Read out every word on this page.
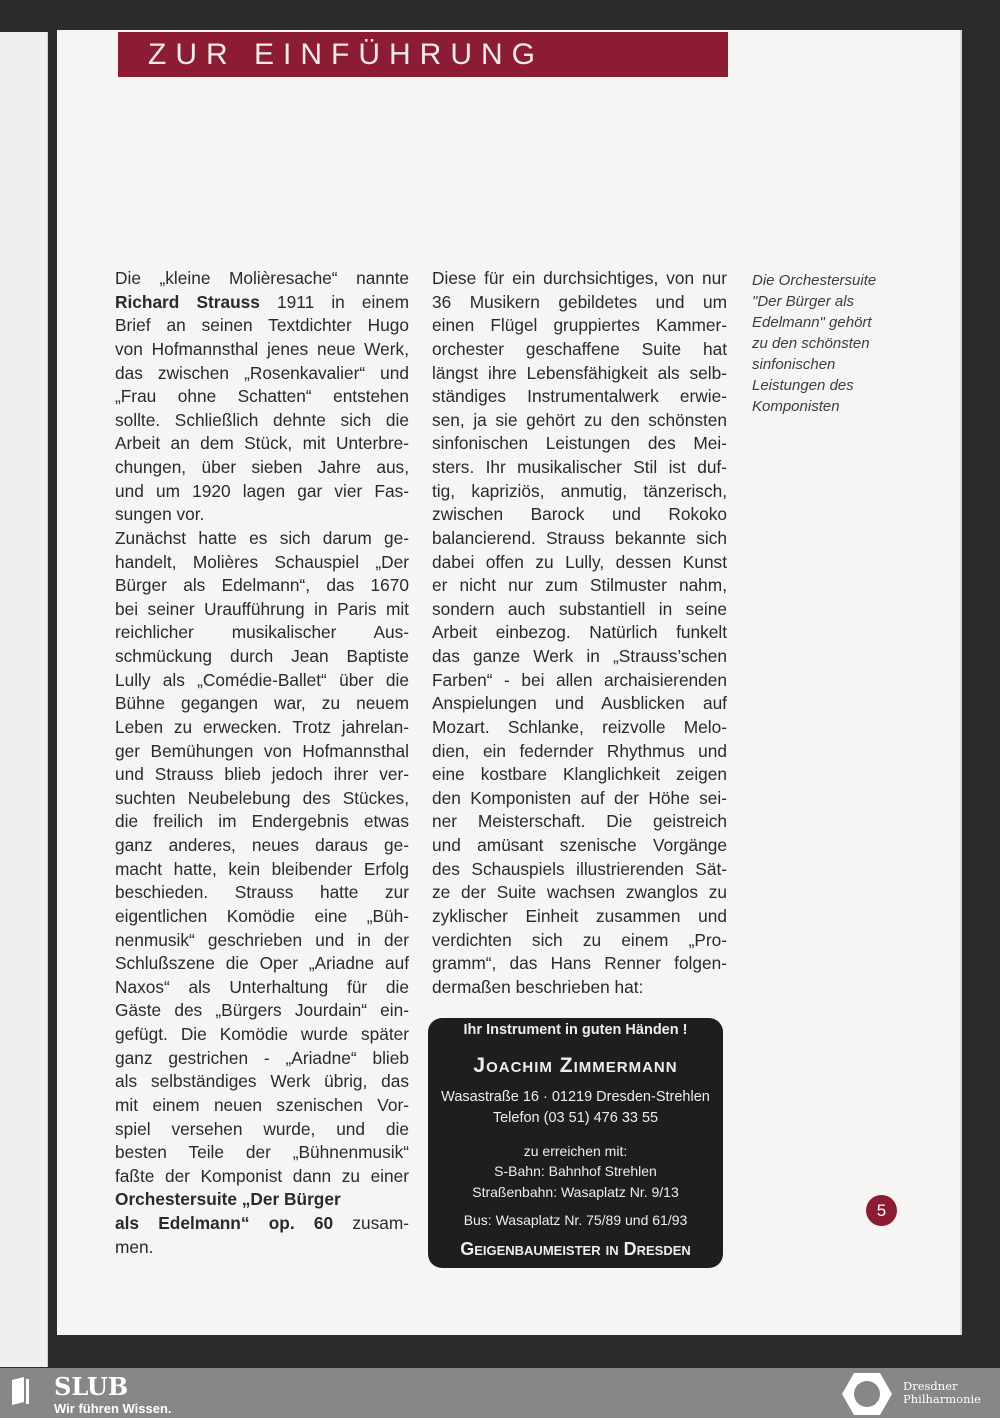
ZUR EINFÜHRUNG
Die „kleine Molièresache“ nannte
Richard Strauss 1911 in einem
Brief an seinen Textdichter Hugo
von Hofmannsthal jenes neue Werk,
das zwischen „Rosenkavalier“ und
„Frau ohne Schatten“ entstehen
sollte. Schließlich dehnte sich die
Arbeit an dem Stück, mit Unterbre-
chungen, über sieben Jahre aus,
und um 1920 lagen gar vier Fas-
sungen vor.
Zunächst hatte es sich darum ge-
handelt, Molières Schauspiel „Der
Bürger als Edelmann“, das 1670
bei seiner Uraufführung in Paris mit
reichlicher musikalischer Aus-
schmückung durch Jean Baptiste
Lully als „Comédie-Ballet“ über die
Bühne gegangen war, zu neuem
Leben zu erwecken. Trotz jahrelan-
ger Bemühungen von Hofmannsthal
und Strauss blieb jedoch ihrer ver-
suchten Neubelebung des Stückes,
die freilich im Endergebnis etwas
ganz anderes, neues daraus ge-
macht hatte, kein bleibender Erfolg
beschieden. Strauss hatte zur
eigentlichen Komödie eine „Büh-
nenmusik“ geschrieben und in der
Schlußszene die Oper „Ariadne auf
Naxos“ als Unterhaltung für die
Gäste des „Bürgers Jourdain“ ein-
gefügt. Die Komödie wurde später
ganz gestrichen - „Ariadne“ blieb
als selbständiges Werk übrig, das
mit einem neuen szenischen Vor-
spiel versehen wurde, und die
besten Teile der „Bühnenmusik“
faßte der Komponist dann zu einer
Orchestersuite „Der Bürger
als Edelmann“ op. 60 zusam-
men.
Diese für ein durchsichtiges, von nur
36 Musikern gebildetes und um
einen Flügel gruppiertes Kammer-
orchester geschaffene Suite hat
längst ihre Lebensfähigkeit als selb-
ständiges Instrumentalwerk erwie-
sen, ja sie gehört zu den schönsten
sinfonischen Leistungen des Mei-
sters. Ihr musikalischer Stil ist duf-
tig, kapriziös, anmutig, tänzerisch,
zwischen Barock und Rokoko
balancierend. Strauss bekannte sich
dabei offen zu Lully, dessen Kunst
er nicht nur zum Stilmuster nahm,
sondern auch substantiell in seine
Arbeit einbezog. Natürlich funkelt
das ganze Werk in „Strauss’schen
Farben“ - bei allen archaisierenden
Anspielungen und Ausblicken auf
Mozart. Schlanke, reizvolle Melo-
dien, ein federnder Rhythmus und
eine kostbare Klanglichkeit zeigen
den Komponisten auf der Höhe sei-
ner Meisterschaft. Die geistreich
und amüsant szenische Vorgänge
des Schauspiels illustrierenden Sät-
ze der Suite wachsen zwanglos zu
zyklischer Einheit zusammen und
verdichten sich zu einem „Pro-
gramm“, das Hans Renner folgen-
dermaßen beschrieben hat:
Die Orchestersuite
"Der Bürger als
Edelmann" gehört
zu den schönsten
sinfonischen
Leistungen des
Komponisten
Ihr Instrument in guten Händen !
Joachim Zimmermann
Wasastraße 16 · 01219 Dresden-Strehlen
Telefon (03 51) 476 33 55
zu erreichen mit:
S-Bahn: Bahnhof Strehlen
Straßenbahn: Wasaplatz Nr. 9/13
Bus: Wasaplatz Nr. 75/89 und 61/93
Geigenbaumeister in Dresden
5
SLUB
Wir führen Wissen.
Dresdner
Philharmonie
